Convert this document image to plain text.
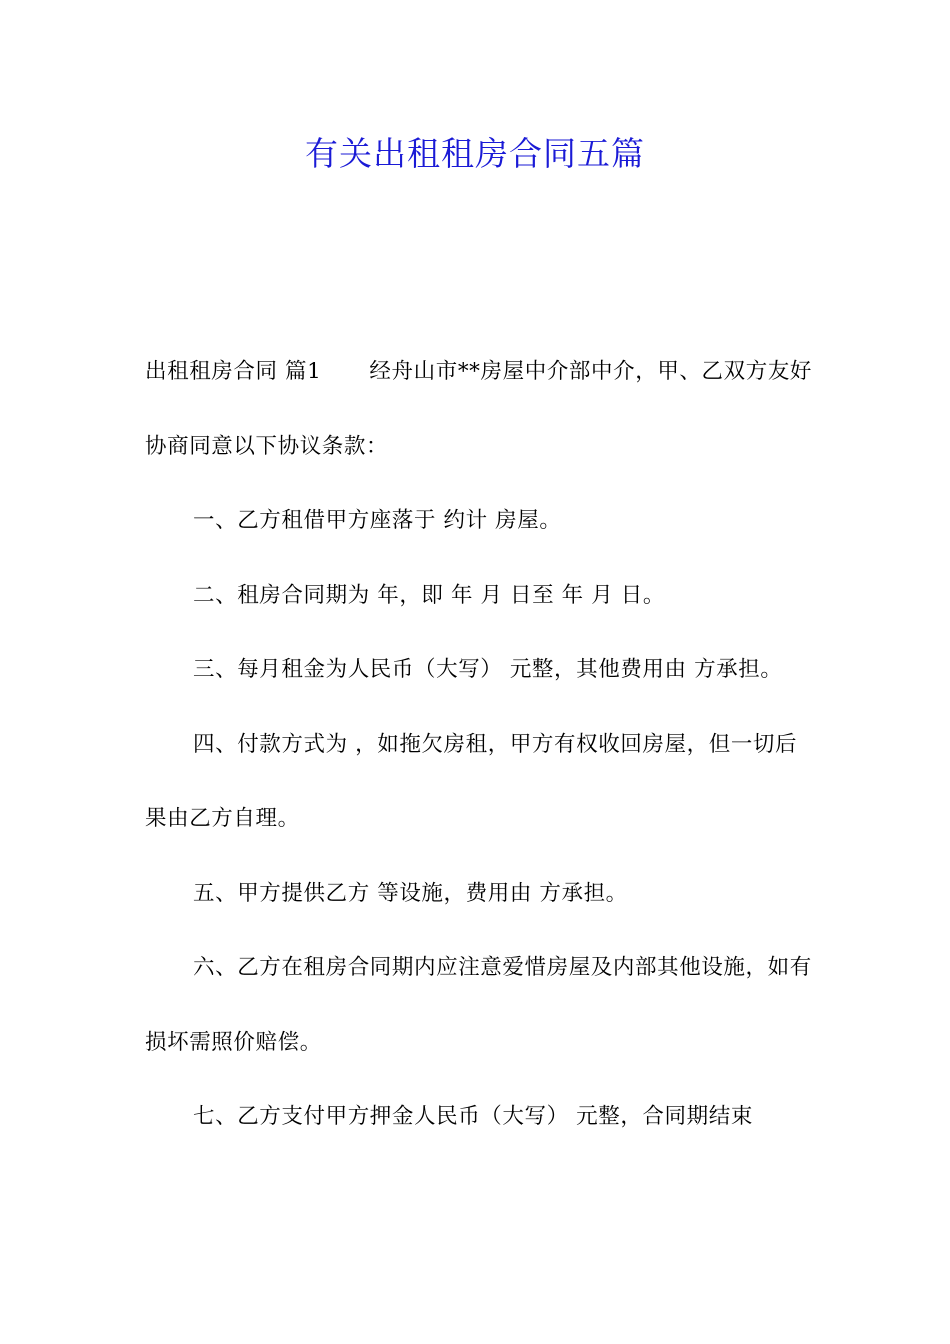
有关出租租房合同五篇

出租租房合同 篇1 经舟山市**房屋中介部中介，甲、乙双方友好协商同意以下协议条款：

一、乙方租借甲方座落于 约计 房屋。

二、租房合同期为 年，即 年 月 日至 年 月 日。

三、每月租金为人民币（大写） 元整，其他费用由 方承担。

四、付款方式为 ，如拖欠房租，甲方有权收回房屋，但一切后果由乙方自理。

五、甲方提供乙方 等设施，费用由 方承担。

六、乙方在租房合同期内应注意爱惜房屋及内部其他设施，如有损坏需照价赔偿。

七、乙方支付甲方押金人民币（大写） 元整，合同期结束
